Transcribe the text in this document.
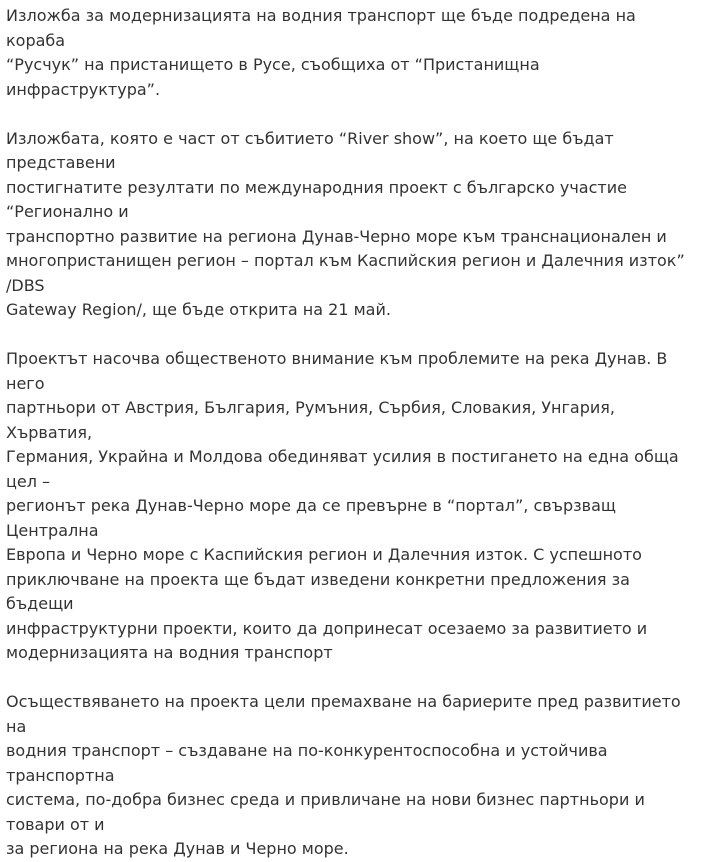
Изложба за модернизацията на водния транспорт ще бъде подредена на кораба
“Русчук” на пристанището в Русе, съобщиха от “Пристанищна инфраструктура”.

Изложбата, която е част от събитието “River show”, на което ще бъдат представени
постигнатите резултати по международния проект с българско участие “Регионално и
транспортно развитие на региона Дунав-Черно море към транснационален и
многопристанищен регион – портал към Каспийския регион и Далечния изток” /DBS
Gateway Region/, ще бъде открита на 21 май.

Проектът насочва общественото внимание към проблемите на река Дунав. В него
партньори от Австрия, България, Румъния, Сърбия, Словакия, Унгария, Хърватия,
Германия, Украйна и Молдова обединяват усилия в постигането на една обща цел –
регионът река Дунав-Черно море да се превърне в “портал”, свързващ Централна
Европа и Черно море с Каспийския регион и Далечния изток. С успешното
приключване на проекта ще бъдат изведени конкретни предложения за бъдещи
инфраструктурни проекти, които да допринесат осезаемо за развитието и
модернизацията на водния транспорт

Осъществяването на проекта цели премахване на бариерите пред развитието на
водния транспорт – създаване на по-конкурентоспособна и устойчива транспортна
система, по-добра бизнес среда и привличане на нови бизнес партньори и товари от и
за региона на река Дунав и Черно море.
